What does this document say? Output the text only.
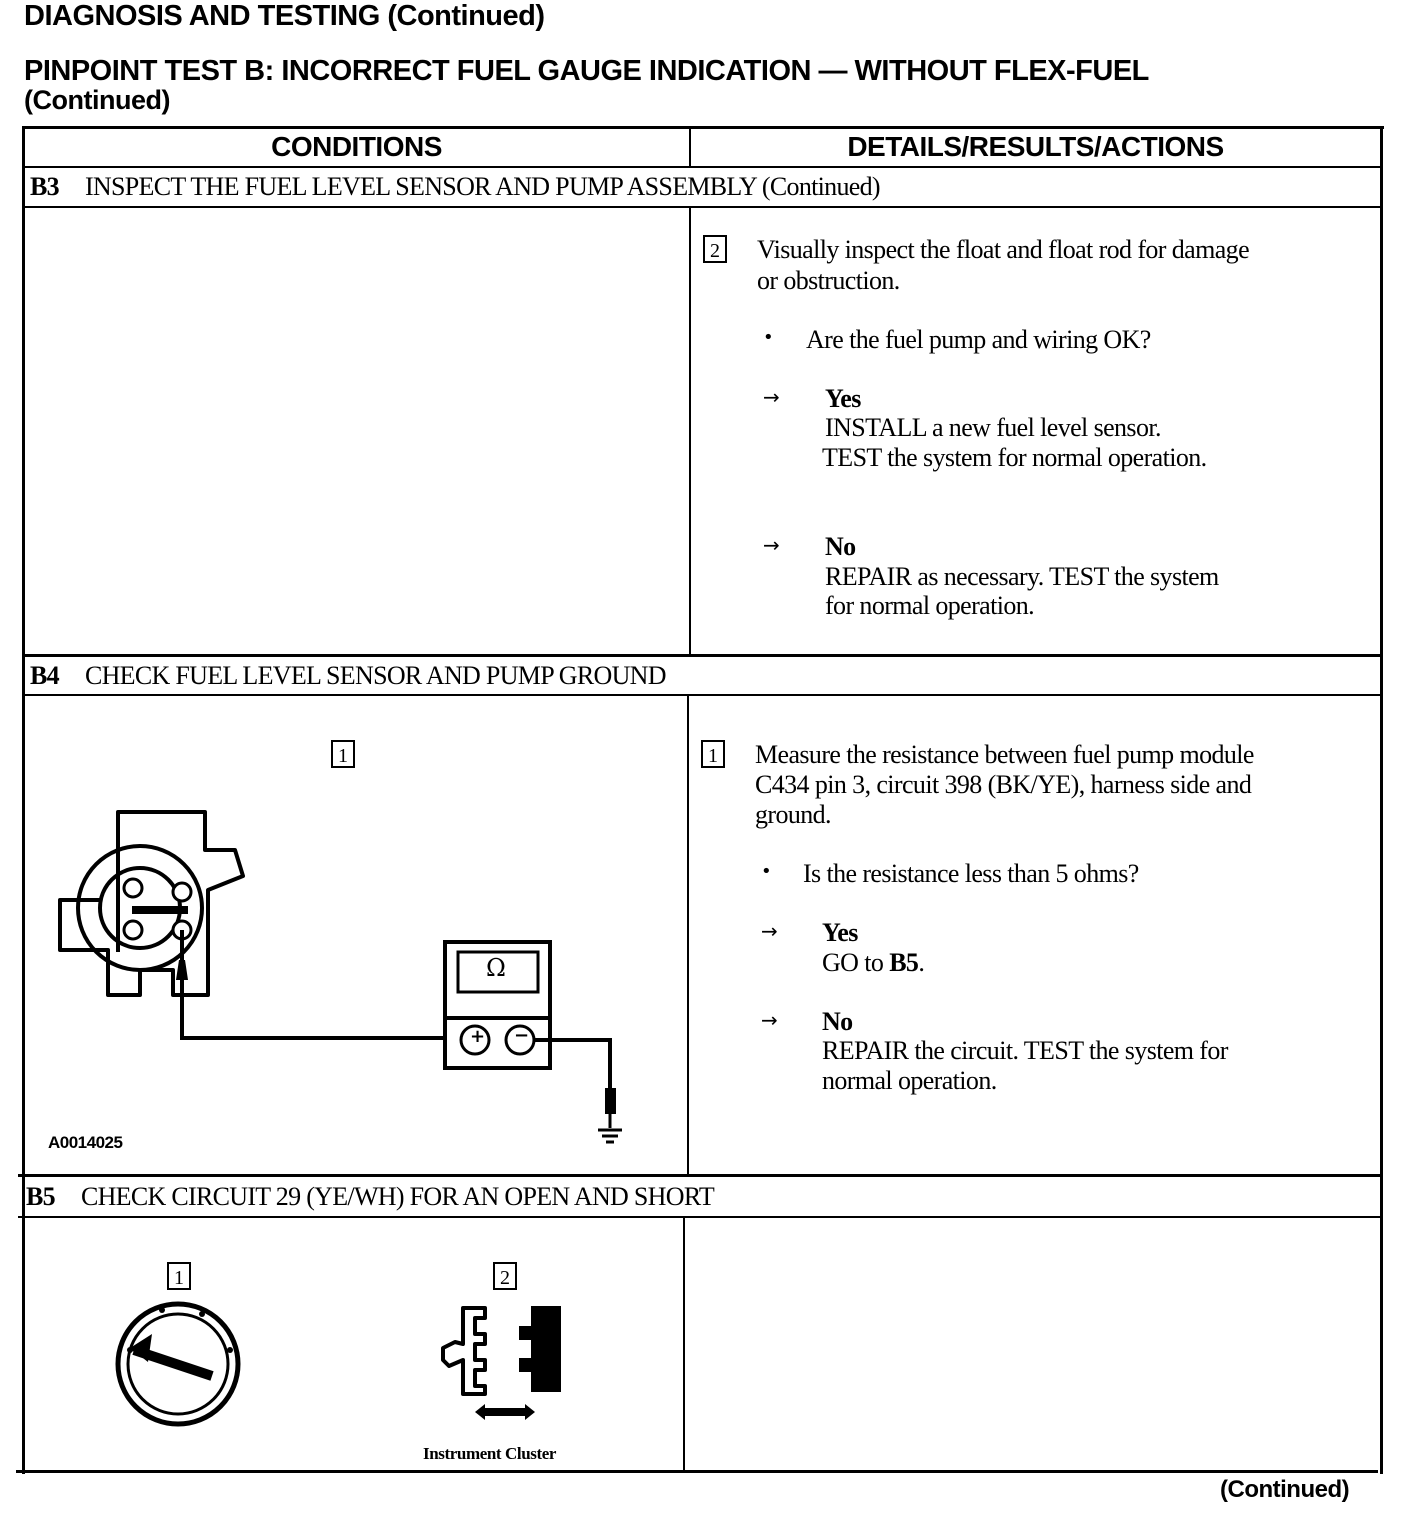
DIAGNOSIS AND TESTING (Continued)
PINPOINT TEST B: INCORRECT FUEL GAUGE INDICATION — WITHOUT FLEX-FUEL
(Continued)
CONDITIONS	DETAILS/RESULTS/ACTIONS
B3 INSPECT THE FUEL LEVEL SENSOR AND PUMP ASSEMBLY (Continued)
2 Visually inspect the float and float rod for damage
or obstruction.
• Are the fuel pump and wiring OK?
→ Yes
INSTALL a new fuel level sensor.
TEST the system for normal operation.
→ No
REPAIR as necessary. TEST the system
for normal operation.
B4 CHECK FUEL LEVEL SENSOR AND PUMP GROUND
1
Ω
+ −
A0014025
1 Measure the resistance between fuel pump module
C434 pin 3, circuit 398 (BK/YE), harness side and
ground.
• Is the resistance less than 5 ohms?
→ Yes
GO to B5.
→ No
REPAIR the circuit. TEST the system for
normal operation.
B5 CHECK CIRCUIT 29 (YE/WH) FOR AN OPEN AND SHORT
1	2
Instrument Cluster
(Continued)
